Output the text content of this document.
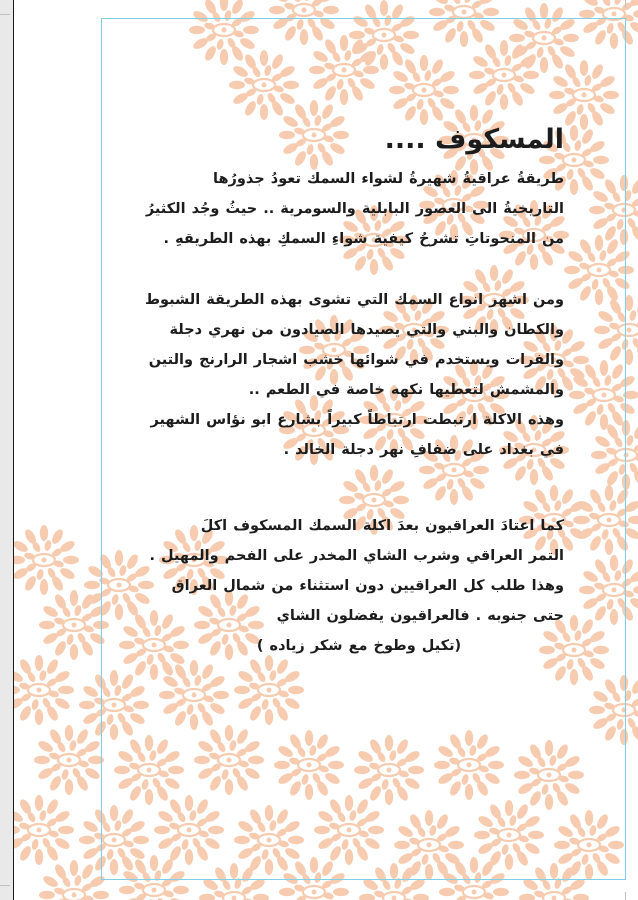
المسكوف ....
طريقةُ عراقيةُ شهيرةُ لشواء السمك تعودُ جذورُها
التاريخيةُ الى العصور البابلية والسومرية .. حيثُ وجُد الكثيرُ
من المنحوتاتِ تشرحُ كيفية شواءِ السمكِ بهذه الطريقهِ .
ومن اشهر انواع السمك التي تشوى بهذه الطريقة الشبوط
والكطان والبني والتي يصيدها الصيادون من نهري دجلة
والفرات ويستخدم في شوائها خشب اشجار الرارنج والتين
والمشمش لتعطيها نكهه خاصة في الطعم ..
وهذه الاكلة ارتبطت ارتباطاً كبيراً بشارع ابو نؤاس الشهير
في بغداد على ضفافِ نهر دجلة الخالد .
كما اعتادَ العراقيون بعدَ اكلة السمك المسكوف اكلَ
التمر العراقي وشرب الشاي المخدر على الفحم والمهيل .
وهذا طلب كل العراقيين دون استثناء من شمال العراق
حتى جنوبه . فالعراقيون يفضلون الشاي
(تكيل وطوخ مع شكر زياده )
